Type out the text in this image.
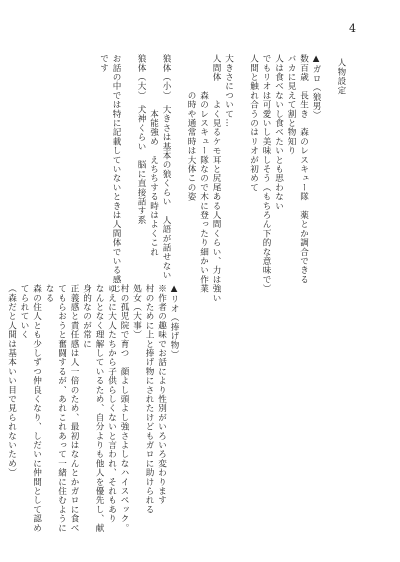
4
人物設定
▲ガロ（狼男）
数百歳　長生き　森のレスキュー隊　薬とか調合できる
バカに見えて割と物知り
人は食べないし食べたいとも思わない
でもリオは可愛いし美味しそう（もちろん下的な意味で）
人間と触れ合うのはリオが初めて

大きさについて…
人間体　　よく見るケモ耳と尻尾ある人間くらい、力は強い
　　　　森のレスキュー隊なので木に登ったり細かい作業
　　　　の時や通常時は大体この姿

狼体（小）　大きさは基本の狼くらい　人語が話せない
　　　　　　本能強め　えちちする時はよくこれ
狼体（大）　犬神くらい　脳に直接話す系

お話の中では特に記載していないときは人間体でいる感じ
です
▲リオ（捧げ物）
※作者の趣味でお話により性別がいろいろ変わります
村のために上と捧げ物にされたけどもガロに助けられる
処女（大事）
村の孤児院で育つ　顔よし頭よし強さよしなハイスペック。
ゆえに大人たちから子供らしくないと言われ、それもあり
なんとなく理解しているため、自分よりも他人を優先し、献
身的なのが常に
正義感と責任感は人一倍のため、最初はなんとかガロに食べ
てもらおうと奮闘するが、あれこれあって一緒に住むように
なる
森の住人とも少しずつ仲良くなり、しだいに仲間として認め
てられていく
（森だと人間は基本いい目で見られないため）
